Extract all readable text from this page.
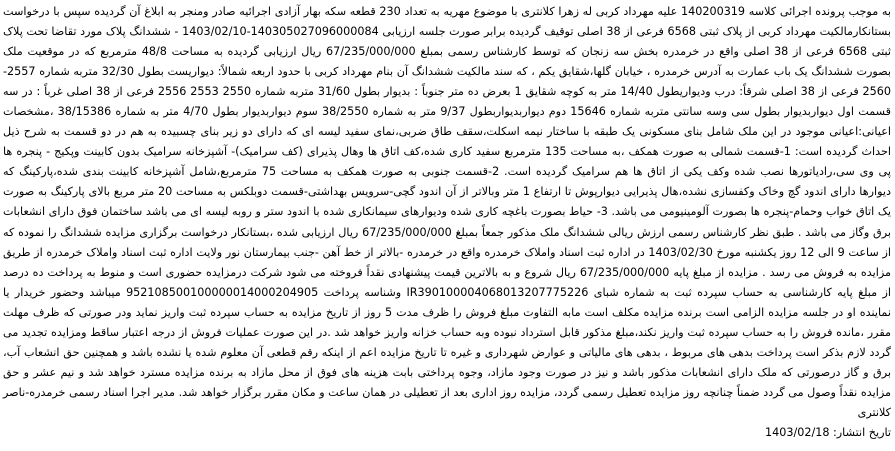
به موجب پرونده اجرائی کلاسه 140200319 علیه مهرداد کربی له زهرا کلانتری با موضوع مهریه به تعداد 230 قطعه سکه بهار آزادی اجرائیه صادر ومنجر به ابلاغ آن گردیده سپس با درخواست بستانکارمالکیت مهرداد کربی از پلاک ثبتی 6568 فرعی از 38 اصلی توقیف گردیده برابر صورت جلسه ارزیابی 140305027096000084-1403/02/10 - ششدانگ پلاک مورد تقاضا تحت پلاک ثبتی 6568 فرعی از 38 اصلی واقع در خرمدره بخش سه زنجان که توسط کارشناس رسمی بمبلغ 67/235/000/000 ریال ارزیابی گردیده به مساحت 48/8 مترمربع که در موقعیت ملک بصورت ششدانگ یک باب عمارت به آدرس خرمدره ، خیابان گلها،شقایق یکم ، که سند مالکیت ششدانگ آن بنام مهرداد کربی با حدود اربعه شمالاً: دیواریست بطول 32/30 متربه شماره 2557-2560 فرعی از 38 اصلی شرقاً: درب ودیواریطول 14/40 متر به کوچه شقایق 1 بعرض ده متر جنوباً : بدیوار بطول 31/60 متربه شماره 2550 2553 2556 فرعی از 38 اصلی غرباً : در سه قسمت اول دیواربدیوار بطول سی وسه سانتی متربه شماره 15646 دوم دیواربدیواربطول 9/37 متر به شماره 38/2550 سوم دیواربدیوار بطول 4/70 متر به شماره 38/15386 ،مشخصات اعیانی:اعیانی موجود در این ملک شامل بنای مسکونی یک طبقه با ساختار نیمه اسکلت،سقف طاق ضربی،نمای سفید لیسه ای که دارای دو زیر بنای چسبیده به هم در دو قسمت به شرح ذیل احداث گردیده است: 1-قسمت شمالی به صورت همکف ،به مساحت 135 مترمربع سفید کاری شده،کف اتاق ها وهال پذیرای (کف سرامیک)- آشپزخانه سرامیک بدون کابینت وپکیج - پنجره ها پی وی سی،رادیاتورها نصب شده وکف یکی از اتاق ها هم سرامیک گردیده است. 2-قسمت جنوبی به صورت همکف به مساحت 75 مترمربع،شامل آشپزخانه کابینت بندی شده،پارکینگ که دیوارها دارای اندود گچ وخاک وکفسازی نشده،هال پذیرایی دیوارپوش تا ارتفاع 1 متر وبالاتر از آن اندود گچی-سرویس بهداشتی-قسمت دوبلکس به مساحت 20 متر مربع بالای پارکینگ به صورت یک اتاق خواب وحمام-پنجره ها بصورت آلومینیومی می باشد. 3- حیاط بصورت باغچه کاری شده ودیوارهای سیمانکاری شده با اندود ستر و روبه لیسه ای می باشد ساختمان فوق دارای انشعابات برق وگاز می باشد . طبق نظر کارشناس رسمی ارزش ریالی ششدانگ ملک مذکور جمعاً بمبلغ 67/235/000/000 ریال ارزیابی شده ،بستانکار درخواست برگزاری مزایده ششدانگ را نموده که از ساعت 9 الی 12 روز یکشنبه مورخ 1403/02/30 در اداره ثبت اسناد واملاک خرمدره واقع در خرمدره -بالاتر از خط آهن -جنب بیمارستان نور ولایت اداره ثبت اسناد واملاک خرمدره از طریق مزایده به فروش می رسد . مزایده از مبلغ پایه 67/235/000/000 ریال شروع و به بالاترین قیمت پیشنهادی نقداً فروخته می شود شرکت درمزایده حضوری است و منوط به پرداخت ده درصد از مبلغ پایه کارشناسی به حساب سپرده ثبت به شماره شبای IR390100004068013207775226 وشناسه پرداخت 952108500100000014000204905 میباشد وحضور خریدار یا نماینده او در جلسه مزایده الزامی است برنده مزایده مکلف است مابه التفاوت مبلغ فروش را ظرف مدت 5 روز از تاریخ مزایده به حساب سپرده ثبت واریز نماید ودر صورتی که ظرف مهلت مقرر ،مانده فروش را به حساب سپرده ثبت واریز نکند،مبلغ مذکور قابل استرداد نبوده وبه حساب خزانه واریز خواهد شد .در این صورت عملیات فروش از درجه اعتبار ساقط ومزایده تجدید می گردد لازم بذکر است پرداخت بدهی های مربوط ، بدهی های مالیاتی و عوارض شهرداری و غیره تا تاریخ مزایده اعم از اینکه رقم قطعی آن معلوم شده یا نشده باشد و همچنین حق انشعاب آب، برق و گاز درصورتی که ملک دارای انشعابات مذکور باشد و نیز در صورت وجود مازاد، وجوه پرداختی بابت هزینه های فوق از محل مازاد به برنده مزایده مسترد خواهد شد و نیم عشر و حق مزایده نقداً وصول می گردد ضمناً چنانچه روز مزایده تعطیل رسمی گردد، مزایده روز اداری بعد از تعطیلی در همان ساعت و مکان مقرر برگزار خواهد شد. مدیر اجرا اسناد رسمی خرمدره-ناصر کلانتری

تاریخ انتشار: 1403/02/18
